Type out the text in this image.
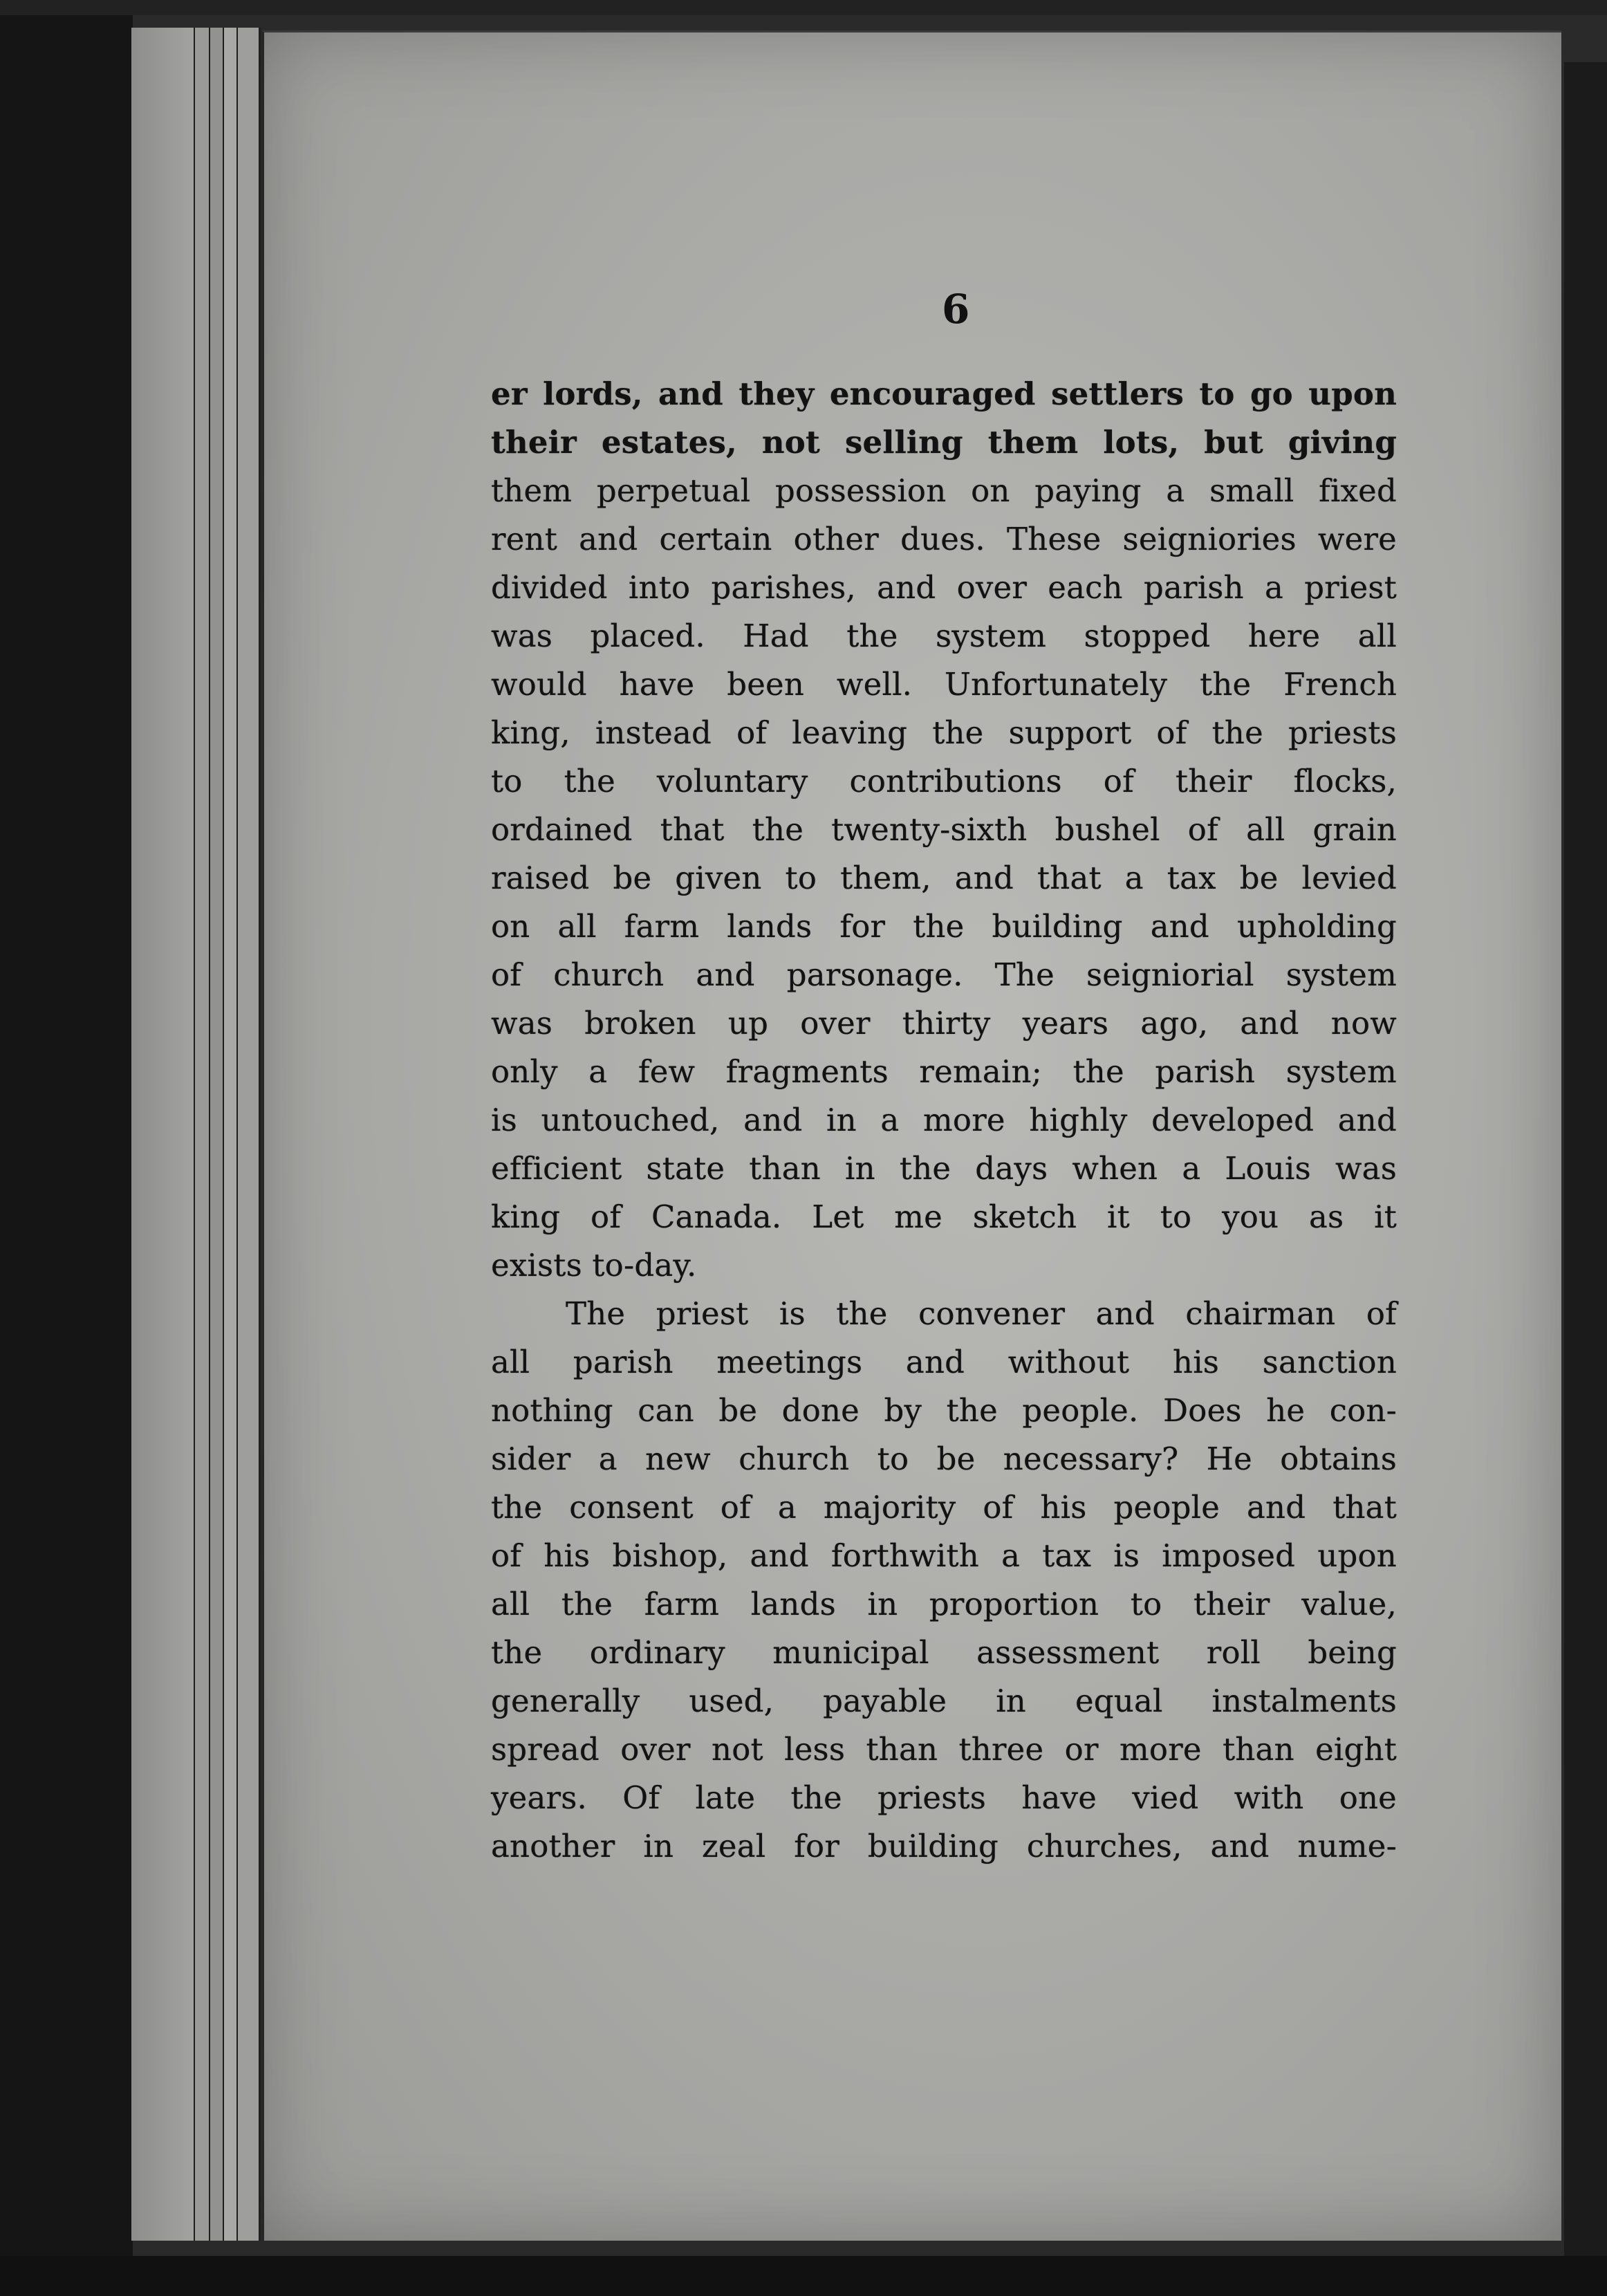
6
er lords, and they encouraged settlers to go upon
their estates, not selling them lots, but giving
them perpetual possession on paying a small fixed
rent and certain other dues. These seigniories were
divided into parishes, and over each parish a priest
was placed. Had the system stopped here all
would have been well. Unfortunately the French
king, instead of leaving the support of the priests
to the voluntary contributions of their flocks,
ordained that the twenty-sixth bushel of all grain
raised be given to them, and that a tax be levied
on all farm lands for the building and upholding
of church and parsonage. The seigniorial system
was broken up over thirty years ago, and now
only a few fragments remain; the parish system
is untouched, and in a more highly developed and
efficient state than in the days when a Louis was
king of Canada. Let me sketch it to you as it
exists to-day.
The priest is the convener and chairman of
all parish meetings and without his sanction
nothing can be done by the people. Does he con-
sider a new church to be necessary? He obtains
the consent of a majority of his people and that
of his bishop, and forthwith a tax is imposed upon
all the farm lands in proportion to their value,
the ordinary municipal assessment roll being
generally used, payable in equal instalments
spread over not less than three or more than eight
years. Of late the priests have vied with one
another in zeal for building churches, and nume-
